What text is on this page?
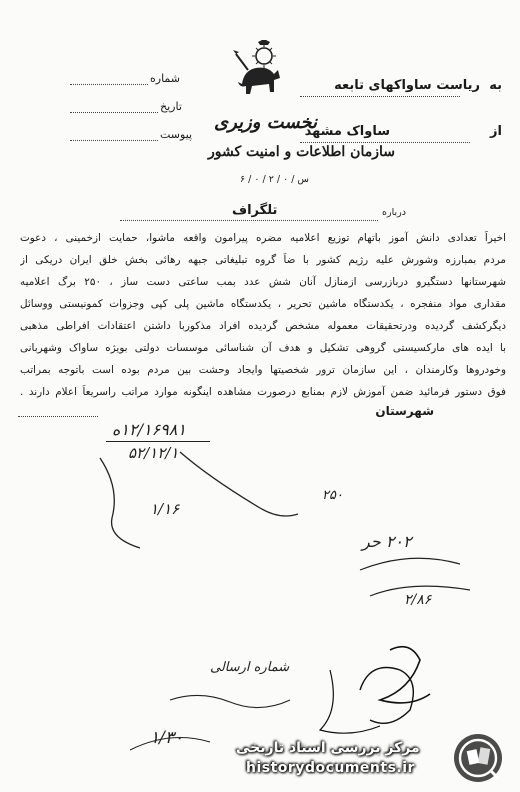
شماره
تاریخ
پیوست
نخست وزیری
سازمان اطلاعات و امنیت کشور
س / ۰ / ۲ / ۰ / ۶
به
ریاست ساواکهای تابعه
از
ساواک مشهد
درباره
تلگراف
اخیراً تعدادی دانش آموز باتهام توزیع اعلامیه مضره پیرامون واقعه ماشوا، حمایت ازخمینی ، دعوت
مردم بمبارزه وشورش علیه رژیم کشور با ضاً گروه تبلیغاتی جبهه رهائی بخش خلق ایران دریکی از
شهرستانها دستگیرو دربازرسی ازمنازل آنان شش عدد بمب ساعتی دست ساز ، ۲۵۰ برگ اعلامیه
مقداری مواد منفجره ، یکدستگاه ماشین تحریر ، یکدستگاه ماشین پلی کپی وجزوات کمونیستی ووسائل
دیگرکشف گردیده ودرتحقیقات معموله مشخص گردیده افراد مذکوربا داشتن اعتقادات افراطی مذهبی
با ایده های مارکسیستی گروهی تشکیل و هدف آن شناسائی موسسات دولتی بویژه ساواک وشهربانی
وخودروها وکارمندان ، این سازمان ترور شخصیتها وایجاد وحشت بین مردم بوده است باتوجه بمراتب
فوق دستور فرمائید ضمن آموزش لازم بمنابع درصورت مشاهده اینگونه موارد مراتب راسریعاً اعلام دارند .
شهرستان
۱۲/۱۶۹۸۱ه
۵۲/۱۲/۱
۱/۱۶
۲۵۰
۲۰۲ حر
۲/۸۶
شماره ارسالی
۱/۳۰	مرکز بررسی اسناد تاریخی
historydocuments.ir
